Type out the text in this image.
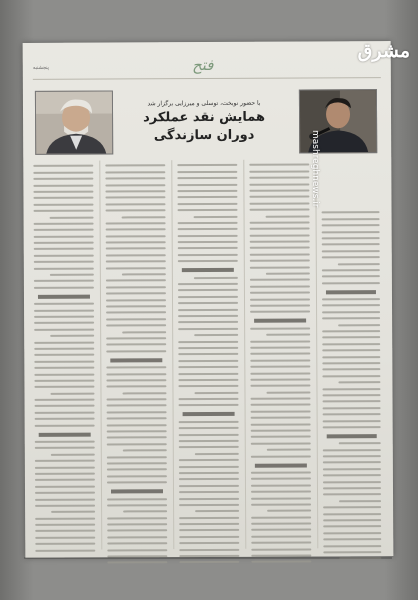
پنجشنبه	فتح
با حضور نوبخت، توسلی و میرزایی برگزار شد
همایش نقد عملکرد
دوران سازندگی
مشرق
mashreghnews.ir
